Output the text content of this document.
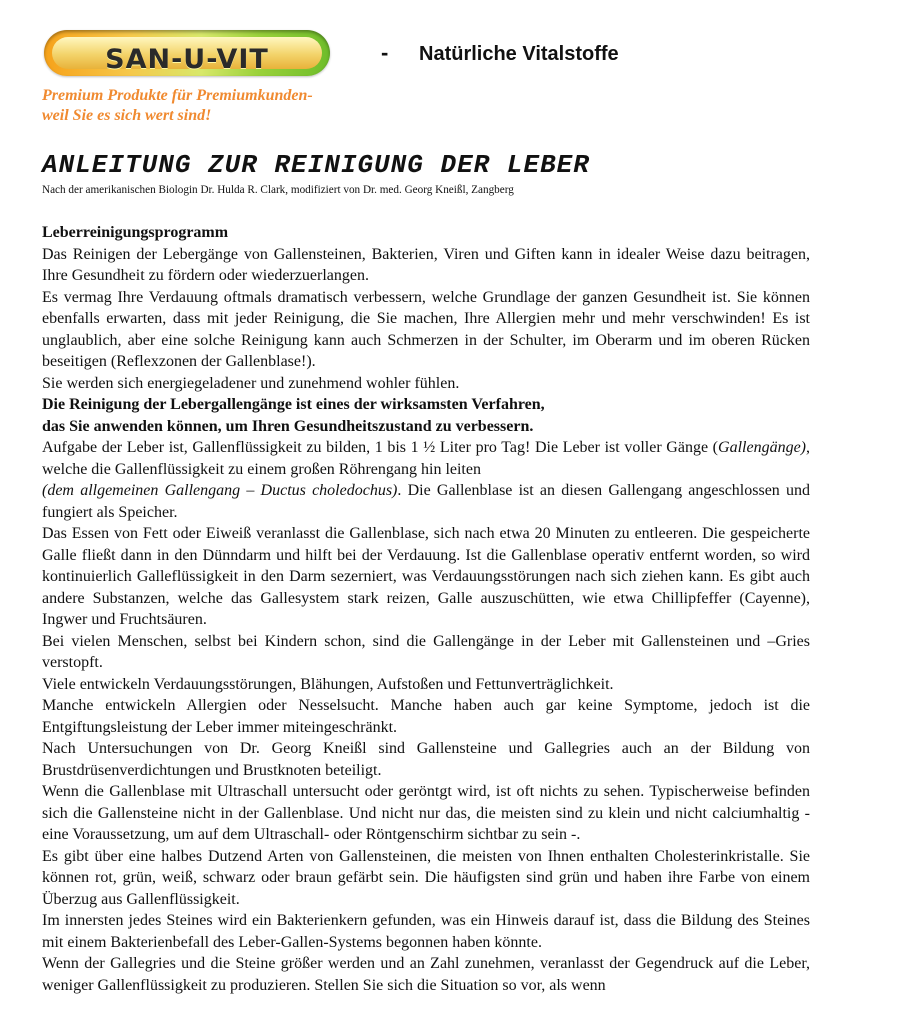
SAN-U-VIT	- Natürliche Vitalstoffe
Premium Produkte für Premiumkunden-
weil Sie es sich wert sind!
ANLEITUNG ZUR REINIGUNG DER LEBER
Nach der amerikanischen Biologin Dr. Hulda R. Clark, modifiziert von Dr. med. Georg Kneißl, Zangberg

Leberreinigungsprogramm

Das Reinigen der Lebergänge von Gallensteinen, Bakterien, Viren und Giften kann in idealer Weise dazu beitragen, Ihre Gesundheit zu fördern oder wiederzuerlangen.

Es vermag Ihre Verdauung oftmals dramatisch verbessern, welche Grundlage der ganzen Gesundheit ist. Sie können ebenfalls erwarten, dass mit jeder Reinigung, die Sie machen, Ihre Allergien mehr und mehr verschwinden! Es ist unglaublich, aber eine solche Reinigung kann auch Schmerzen in der Schulter, im Oberarm und im oberen Rücken beseitigen (Reflexzonen der Gallenblase!).

Sie werden sich energiegeladener und zunehmend wohler fühlen.

Die Reinigung der Lebergallengänge ist eines der wirksamsten Verfahren,

das Sie anwenden können, um Ihren Gesundheitszustand zu verbessern.

Aufgabe der Leber ist, Gallenflüssigkeit zu bilden, 1 bis 1 ½ Liter pro Tag! Die Leber ist voller Gänge (Gallengänge), welche die Gallenflüssigkeit zu einem großen Röhrengang hin leiten
(dem allgemeinen Gallengang – Ductus choledochus). Die Gallenblase ist an diesen Gallengang angeschlossen und fungiert als Speicher.

Das Essen von Fett oder Eiweiß veranlasst die Gallenblase, sich nach etwa 20 Minuten zu entleeren. Die gespeicherte Galle fließt dann in den Dünndarm und hilft bei der Verdauung. Ist die Gallenblase operativ entfernt worden, so wird kontinuierlich Galleflüssigkeit in den Darm sezerniert, was Verdauungsstörungen nach sich ziehen kann. Es gibt auch andere Substanzen, welche das Gallesystem stark reizen, Galle auszuschütten, wie etwa Chillipfeffer (Cayenne), Ingwer und Fruchtsäuren.

Bei vielen Menschen, selbst bei Kindern schon, sind die Gallengänge in der Leber mit Gallensteinen und –Gries verstopft.

Viele entwickeln Verdauungsstörungen, Blähungen, Aufstoßen und Fettunverträglichkeit.

Manche entwickeln Allergien oder Nesselsucht. Manche haben auch gar keine Symptome, jedoch ist die Entgiftungsleistung der Leber immer miteingeschränkt.

Nach Untersuchungen von Dr. Georg Kneißl sind Gallensteine und Gallegries auch an der Bildung von Brustdrüsenverdichtungen und Brustknoten beteiligt.

Wenn die Gallenblase mit Ultraschall untersucht oder geröntgt wird, ist oft nichts zu sehen. Typischerweise befinden sich die Gallensteine nicht in der Gallenblase. Und nicht nur das, die meisten sind zu klein und nicht calciumhaltig - eine Voraussetzung, um auf dem Ultraschall- oder Röntgenschirm sichtbar zu sein -.

Es gibt über eine halbes Dutzend Arten von Gallensteinen, die meisten von Ihnen enthalten Cholesterinkristalle. Sie können rot, grün, weiß, schwarz oder braun gefärbt sein. Die häufigsten sind grün und haben ihre Farbe von einem Überzug aus Gallenflüssigkeit.

Im innersten jedes Steines wird ein Bakterienkern gefunden, was ein Hinweis darauf ist, dass die Bildung des Steines mit einem Bakterienbefall des Leber-Gallen-Systems begonnen haben könnte.

Wenn der Gallegries und die Steine größer werden und an Zahl zunehmen, veranlasst der Gegendruck auf die Leber, weniger Gallenflüssigkeit zu produzieren. Stellen Sie sich die Situation so vor, als wenn
